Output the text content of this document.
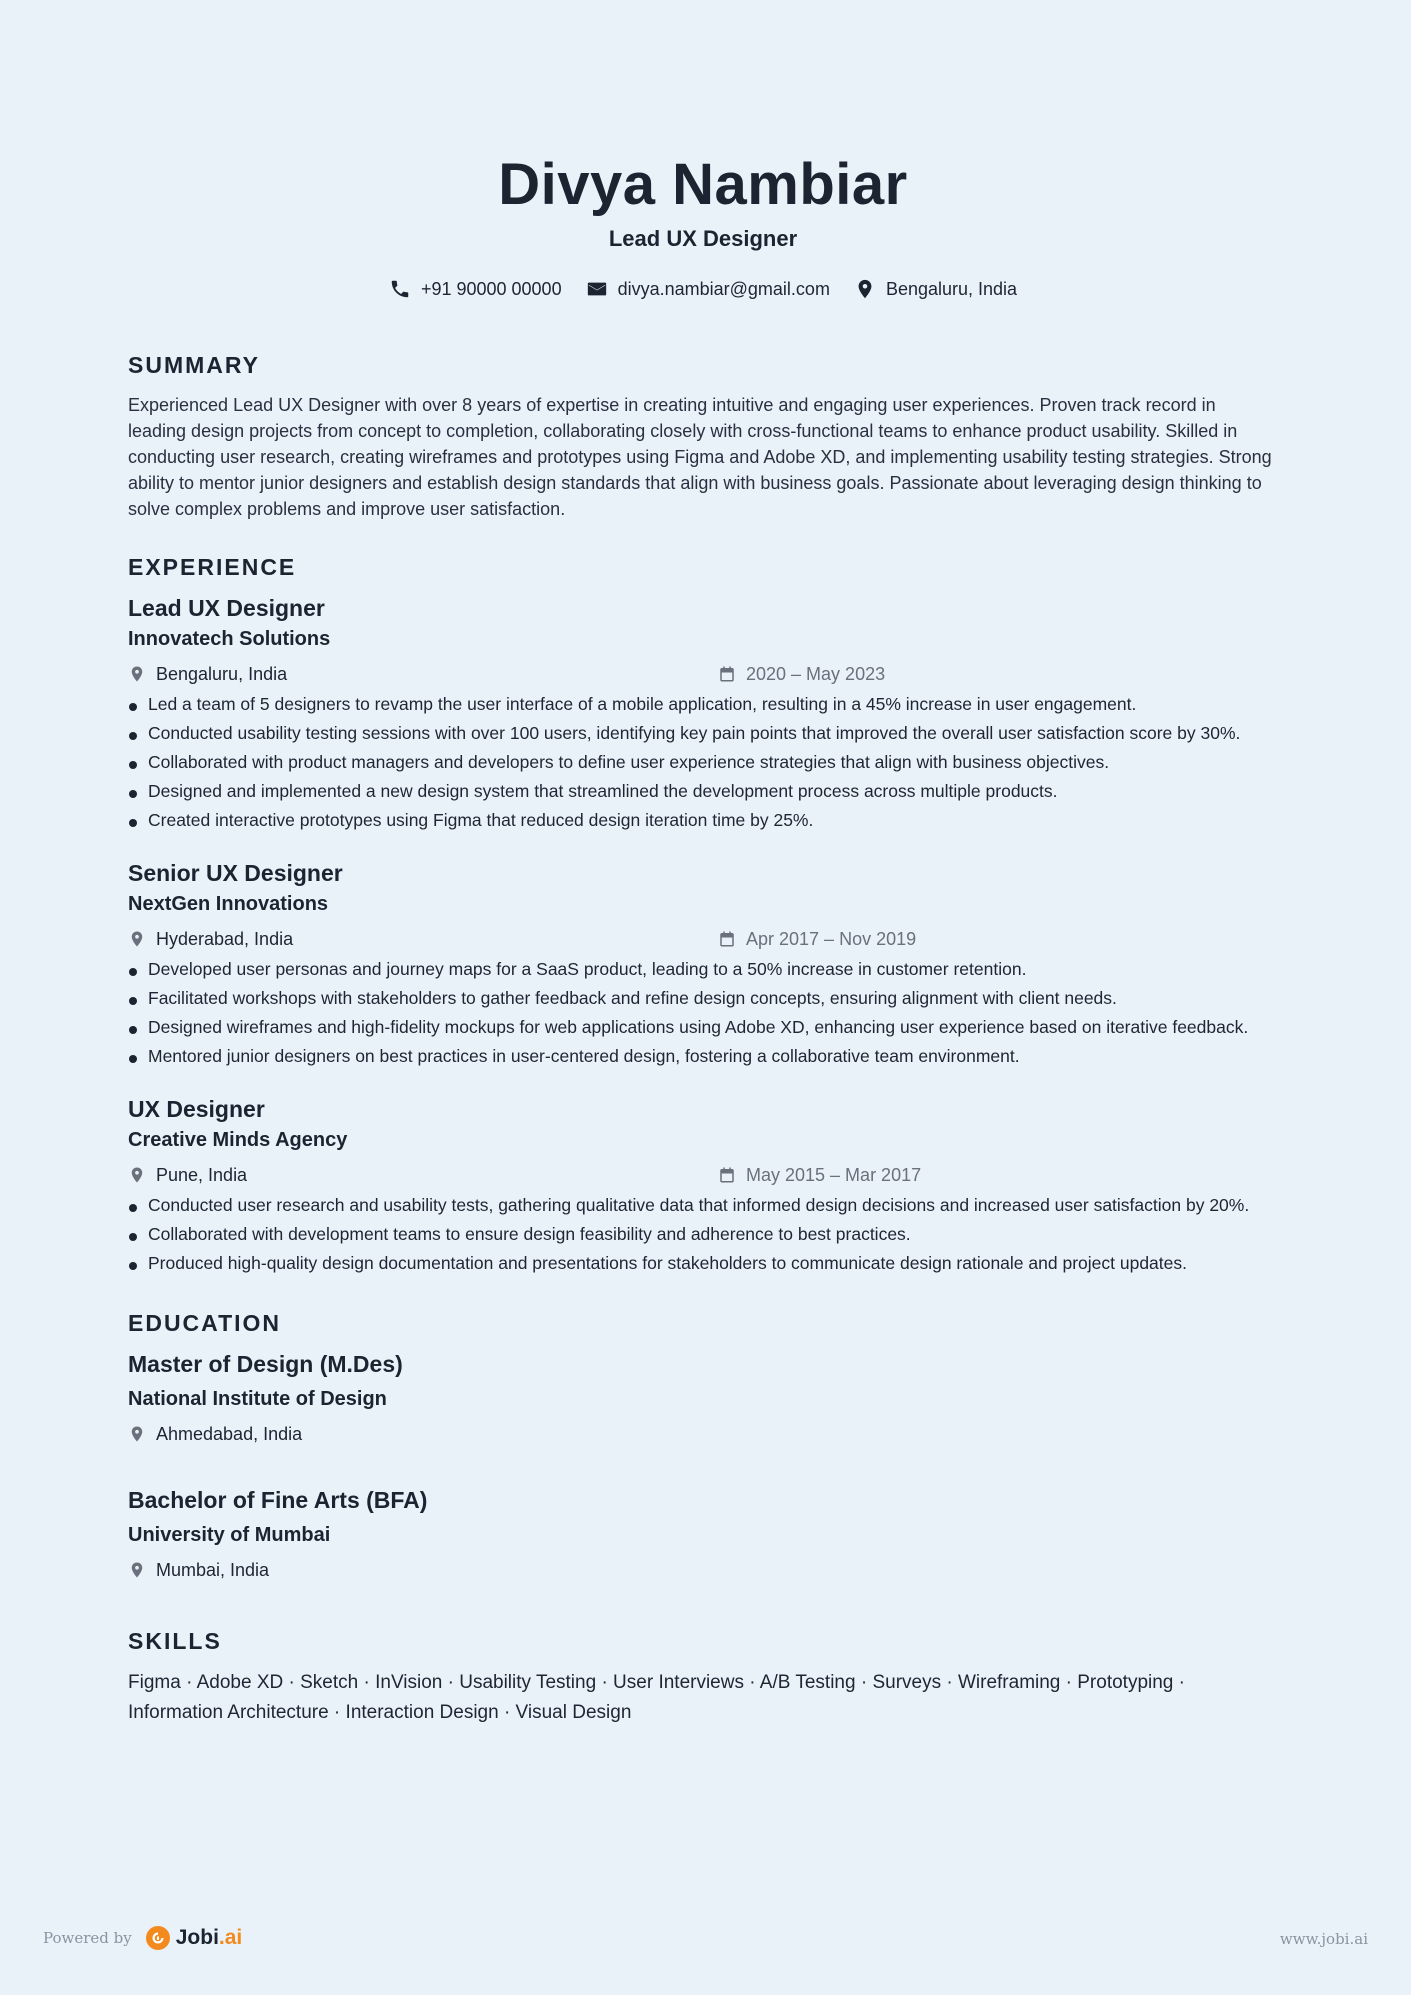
Divya Nambiar
Lead UX Designer
+91 90000 00000	divya.nambiar@gmail.com	Bengaluru, India
SUMMARY
Experienced Lead UX Designer with over 8 years of expertise in creating intuitive and engaging user experiences. Proven track record in leading design projects from concept to completion, collaborating closely with cross-functional teams to enhance product usability. Skilled in conducting user research, creating wireframes and prototypes using Figma and Adobe XD, and implementing usability testing strategies. Strong ability to mentor junior designers and establish design standards that align with business goals. Passionate about leveraging design thinking to solve complex problems and improve user satisfaction.
EXPERIENCE
Lead UX Designer
Innovatech Solutions
Bengaluru, India	2020 – May 2023
Led a team of 5 designers to revamp the user interface of a mobile application, resulting in a 45% increase in user engagement.
Conducted usability testing sessions with over 100 users, identifying key pain points that improved the overall user satisfaction score by 30%.
Collaborated with product managers and developers to define user experience strategies that align with business objectives.
Designed and implemented a new design system that streamlined the development process across multiple products.
Created interactive prototypes using Figma that reduced design iteration time by 25%.
Senior UX Designer
NextGen Innovations
Hyderabad, India	Apr 2017 – Nov 2019
Developed user personas and journey maps for a SaaS product, leading to a 50% increase in customer retention.
Facilitated workshops with stakeholders to gather feedback and refine design concepts, ensuring alignment with client needs.
Designed wireframes and high-fidelity mockups for web applications using Adobe XD, enhancing user experience based on iterative feedback.
Mentored junior designers on best practices in user-centered design, fostering a collaborative team environment.
UX Designer
Creative Minds Agency
Pune, India	May 2015 – Mar 2017
Conducted user research and usability tests, gathering qualitative data that informed design decisions and increased user satisfaction by 20%.
Collaborated with development teams to ensure design feasibility and adherence to best practices.
Produced high-quality design documentation and presentations for stakeholders to communicate design rationale and project updates.
EDUCATION
Master of Design (M.Des)
National Institute of Design
Ahmedabad, India
Bachelor of Fine Arts (BFA)
University of Mumbai
Mumbai, India
SKILLS
Figma · Adobe XD · Sketch · InVision · Usability Testing · User Interviews · A/B Testing · Surveys · Wireframing · Prototyping · Information Architecture · Interaction Design · Visual Design
Powered by Jobi.ai	www.jobi.ai
